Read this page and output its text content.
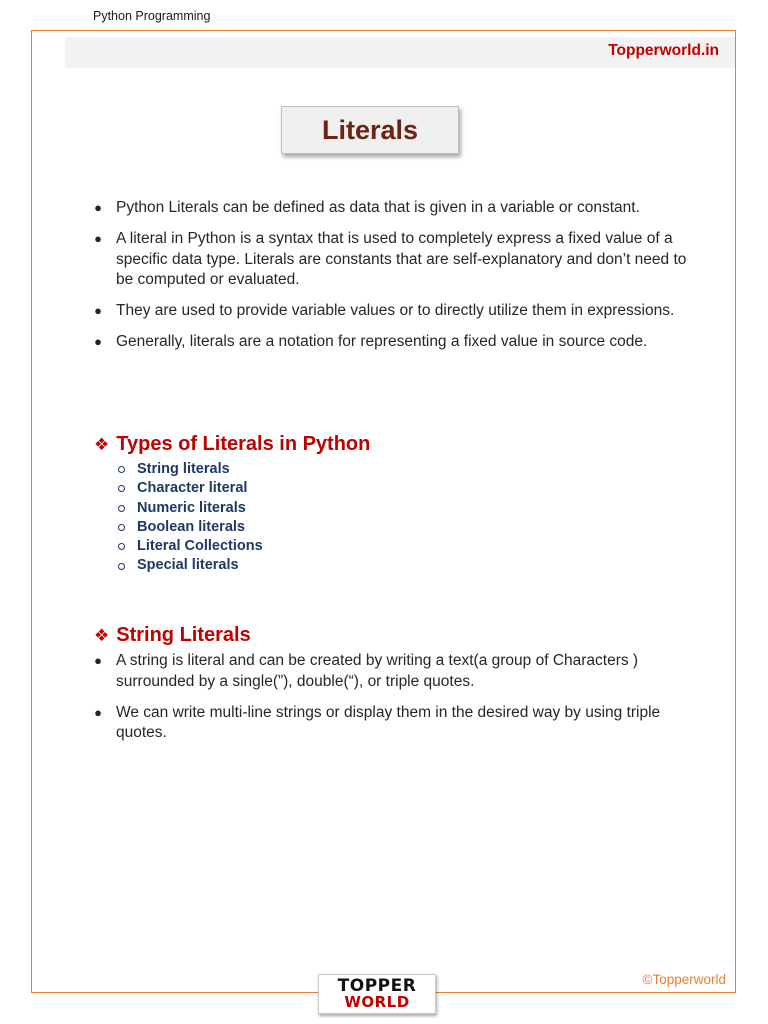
Python Programming
Topperworld.in
Literals
● Python Literals can be defined as data that is given in a variable or constant.
● A literal in Python is a syntax that is used to completely express a fixed value of a specific data type. Literals are constants that are self-explanatory and don’t need to be computed or evaluated.
● They are used to provide variable values or to directly utilize them in expressions.
● Generally, literals are a notation for representing a fixed value in source code.
❖ Types of Literals in Python
String literals
Character literal
Numeric literals
Boolean literals
Literal Collections
Special literals
❖ String Literals
● A string is literal and can be created by writing a text(a group of Characters ) surrounded by a single(”), double(“), or triple quotes.
● We can write multi-line strings or display them in the desired way by using triple quotes.
©Topperworld
TOPPER
WORLD
